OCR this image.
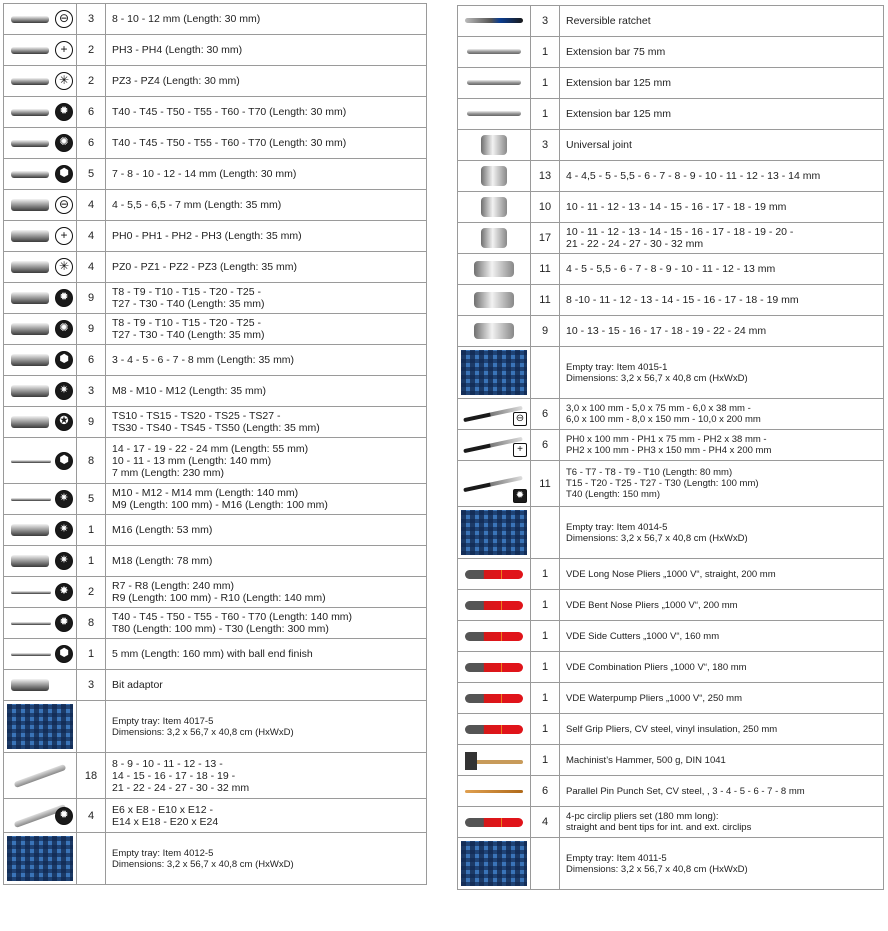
⊖	3	8 - 10 - 12 mm (Length: 30 mm)

+	2	PH3 - PH4 (Length: 30 mm)

✳	2	PZ3 - PZ4 (Length: 30 mm)

✹	6	T40 - T45 - T50 - T55 - T60 - T70 (Length: 30 mm)

✺	6	T40 - T45 - T50 - T55 - T60 - T70 (Length: 30 mm)

⬢	5	7 - 8 - 10 - 12 - 14 mm (Length: 30 mm)

⊖	4	4 - 5,5 - 6,5 - 7 mm (Length: 35 mm)

+	4	PH0 - PH1 - PH2 - PH3 (Length: 35 mm)

✳	4	PZ0 - PZ1 - PZ2 - PZ3 (Length: 35 mm)

✹	9	T8 - T9 - T10 - T15 - T20 - T25 -
T27 - T30 - T40 (Length: 35 mm)

✺	9	T8 - T9 - T10 - T15 - T20 - T25 -
T27 - T30 - T40 (Length: 35 mm)

⬢	6	3 - 4 - 5 - 6 - 7 - 8 mm (Length: 35 mm)

✷	3	M8 - M10 - M12 (Length: 35 mm)

✪	9	TS10 - TS15 - TS20 - TS25 - TS27 -
TS30 - TS40 - TS45 - TS50 (Length: 35 mm)

⬢	8	14 - 17 - 19 - 22 - 24 mm (Length: 55 mm)
10 - 11 - 13 mm (Length: 140 mm)
7 mm (Length: 230 mm)

✷	5	M10 - M12 - M14 mm (Length: 140 mm)
M9 (Length: 100 mm) - M16 (Length: 100 mm)

✷	1	M16 (Length: 53 mm)

✷	1	M18 (Length: 78 mm)

✸	2	R7 - R8 (Length: 240 mm)
R9 (Length: 100 mm) - R10 (Length: 140 mm)

✹	8	T40 - T45 - T50 - T55 - T60 - T70 (Length: 140 mm)
T80 (Length: 100 mm) - T30 (Length: 300 mm)

⬢	1	5 mm (Length: 160 mm) with ball end finish

	3	Bit adaptor

		Empty tray: Item 4017-5
Dimensions: 3,2 x 56,7 x 40,8 cm (HxWxD)

	18	8 - 9 - 10 - 11 - 12 - 13 -
14 - 15 - 16 - 17 - 18 - 19 -
21 - 22 - 24 - 27 - 30 - 32 mm

✹	4	E6 x E8 - E10 x E12 -
E14 x E18 - E20 x E24

		Empty tray: Item 4012-5
Dimensions: 3,2 x 56,7 x 40,8 cm (HxWxD)
	3	Reversible ratchet

	1	Extension bar 75 mm

	1	Extension bar 125 mm

	1	Extension bar 125 mm

	3	Universal joint

	13	4 - 4,5 - 5 - 5,5 - 6 - 7 - 8 - 9 - 10 - 11 - 12 - 13 - 14 mm

	10	10 - 11 - 12 - 13 - 14 - 15 - 16 - 17 - 18 - 19 mm

	17	10 - 11 - 12 - 13 - 14 - 15 - 16 - 17 - 18 - 19 - 20 -
21 - 22 - 24 - 27 - 30 - 32 mm

	11	4 - 5 - 5,5 - 6 - 7 - 8 - 9 - 10 - 11 - 12 - 13 mm

	11	8 -10 - 11 - 12 - 13 - 14 - 15 - 16 - 17 - 18 - 19 mm

	9	10 - 13 - 15 - 16 - 17 - 18 - 19 - 22 - 24 mm

		Empty tray: Item 4015-1
Dimensions: 3,2 x 56,7 x 40,8 cm (HxWxD)

⊖	6	3,0 x 100 mm - 5,0 x 75 mm - 6,0 x 38 mm -
6,0 x 100 mm - 8,0 x 150 mm - 10,0 x 200 mm

+	6	PH0 x 100 mm - PH1 x 75 mm - PH2 x 38 mm -
PH2 x 100 mm - PH3 x 150 mm - PH4 x 200 mm

✹	11	T6 - T7 - T8 - T9 - T10 (Length: 80 mm)
T15 - T20 - T25 - T27 - T30 (Length: 100 mm)
T40 (Length: 150 mm)

		Empty tray: Item 4014-5
Dimensions: 3,2 x 56,7 x 40,8 cm (HxWxD)

	1	VDE Long Nose Pliers „1000 V“, straight, 200 mm

	1	VDE Bent Nose Pliers „1000 V“, 200 mm

	1	VDE Side Cutters „1000 V“, 160 mm

	1	VDE Combination Pliers „1000 V“, 180 mm

	1	VDE Waterpump Pliers „1000 V“, 250 mm

	1	Self Grip Pliers, CV steel, vinyl insulation, 250 mm

	1	Machinist’s Hammer, 500 g, DIN 1041

	6	Parallel Pin Punch Set, CV steel, , 3 - 4 - 5 - 6 - 7 - 8 mm

	4	4-pc circlip pliers set (180 mm long):
straight and bent tips for int. and ext. circlips

		Empty tray: Item 4011-5
Dimensions: 3,2 x 56,7 x 40,8 cm (HxWxD)
